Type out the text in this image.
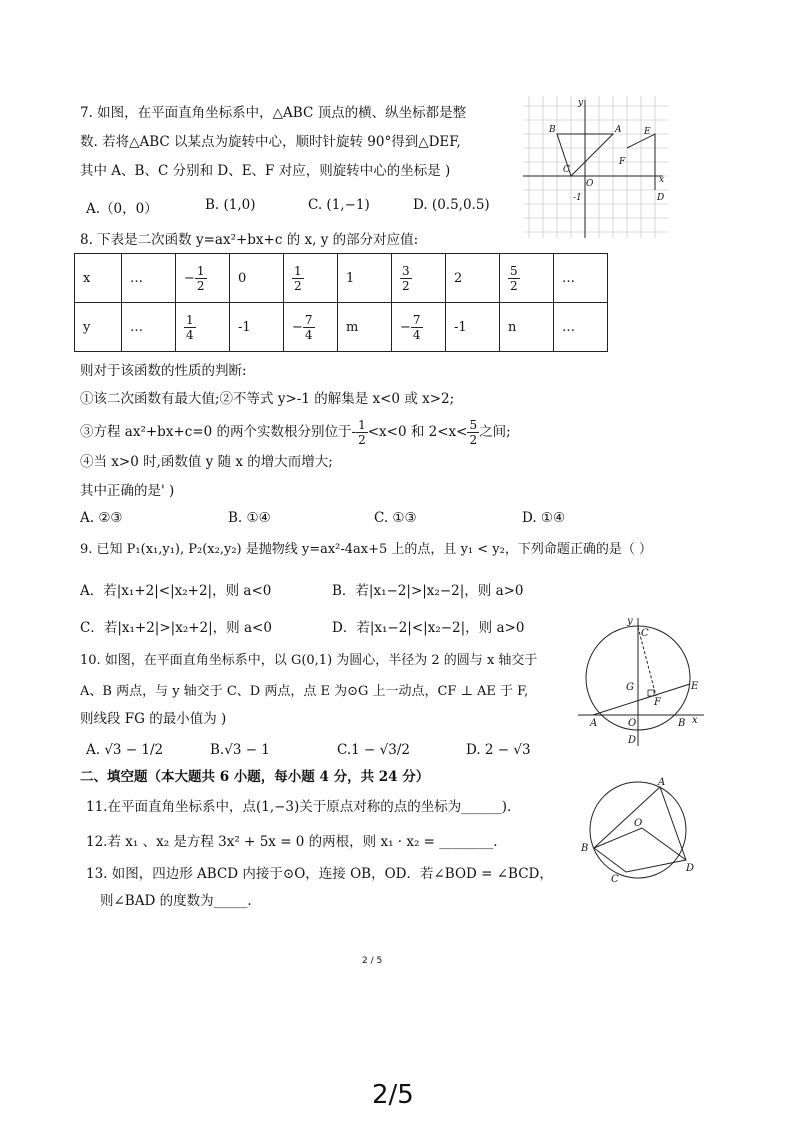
7. 如图，在平面直角坐标系中，△ABC 顶点的横、纵坐标都是整
数. 若将△ABC 以某点为旋转中心，顺时针旋转 90°得到△DEF,
其中 A、B、C 分别和 D、E、F 对应，则旋转中心的坐标是 )
A.（0，0）	B. (1,0)	C. (1,−1)	D. (0.5,0.5)
y
A
B	E
C
F
O	x
-1	D
8. 下表是二次函数 y=ax²+bx+c 的 x, y 的部分对应值:
x	…	− $\frac{1}{2}$	0	$\frac{1}{2}$	1	$\frac{3}{2}$	2	$\frac{5}{2}$	…
y	…	$\frac{1}{4}$	-1	− $\frac{7}{4}$	m	− $\frac{7}{4}$	-1	n	…
则对于该函数的性质的判断:
①该二次函数有最大值;②不等式 y>-1 的解集是 x<0 或 x>2;
③方程 ax²+bx+c=0 的两个实数根分别位于- $\frac{1}{2} <x<0$ 和 $2<x< \frac{5}{2}$ 之间;
④当 x>0 时,函数值 y 随 x 的增大而增大;
其中正确的是' )
A. ②③	B. ①④	C. ①③	D. ①④
9. 已知 P₁(x₁,y₁), P₂(x₂,y₂) 是抛物线 y=ax²-4ax+5 上的点，且 y₁ < y₂，下列命题正确的是（ ）
A．若|x₁+2|<|x₂+2|，则 a<0	B．若|x₁−2|>|x₂−2|，则 a>0
C．若|x₁+2|>|x₂+2|，则 a<0	D．若|x₁−2|<|x₂−2|，则 a>0
10. 如图，在平面直角坐标系中，以 G(0,1) 为圆心，半径为 2 的圆与 x 轴交于
A、B 两点，与 y 轴交于 C、D 两点，点 E 为⊙G 上一动点，CF ⊥ AE 于 F,
则线段 FG 的最小值为 )
A. √3 − 1/2	B.√3 − 1	C.1 − √3/2	D. 2 − √3
y
C
E
G
F
A	O	B x
D
二、填空题（本大题共 6 小题，每小题 4 分，共 24 分）
11.在平面直角坐标系中，点(1,−3)关于原点对称的点的坐标为______).
12.若 x₁ 、x₂ 是方程 3x² + 5x = 0 的两根，则 x₁ · x₂ = ________.
13. 如图，四边形 ABCD 内接于⊙O，连接 OB，OD．若∠BOD = ∠BCD，
则∠BAD 的度数为_____.
A
O
B
D
C
2 / 5
2/5
